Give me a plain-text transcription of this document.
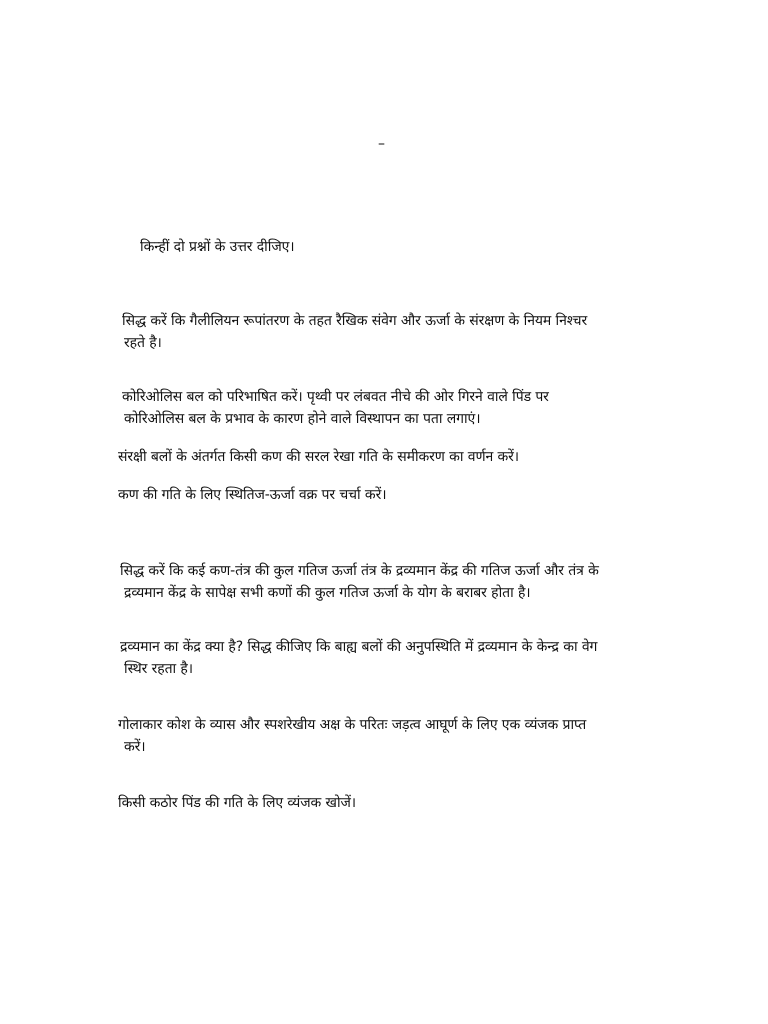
–
किन्हीं दो प्रश्नों के उत्तर दीजिए।
सिद्ध करें कि गैलीलियन रूपांतरण के तहत रैखिक संवेग और ऊर्जा के संरक्षण के नियम निश्चर
रहते है।
कोरिओलिस बल को परिभाषित करें। पृथ्वी पर लंबवत नीचे की ओर गिरने वाले पिंड पर
कोरिओलिस बल के प्रभाव के कारण होने वाले विस्थापन का पता लगाएं।
संरक्षी बलों के अंतर्गत किसी कण की सरल रेखा गति के समीकरण का वर्णन करें।
कण की गति के लिए स्थितिज-ऊर्जा वक्र पर चर्चा करें।
सिद्ध करें कि कई कण-तंत्र की कुल गतिज ऊर्जा तंत्र के द्रव्यमान केंद्र की गतिज ऊर्जा और तंत्र के
द्रव्यमान केंद्र के सापेक्ष सभी कणों की कुल गतिज ऊर्जा के योग के बराबर होता है।
द्रव्यमान का केंद्र क्या है? सिद्ध कीजिए कि बाह्य बलों की अनुपस्थिति में द्रव्यमान के केन्द्र का वेग
स्थिर रहता है।
गोलाकार कोश के व्यास और स्पशरेखीय अक्ष के परितः जड़त्व आघूर्ण के लिए एक व्यंजक प्राप्त
करें।
किसी कठोर पिंड की गति के लिए व्यंजक खोजें।
